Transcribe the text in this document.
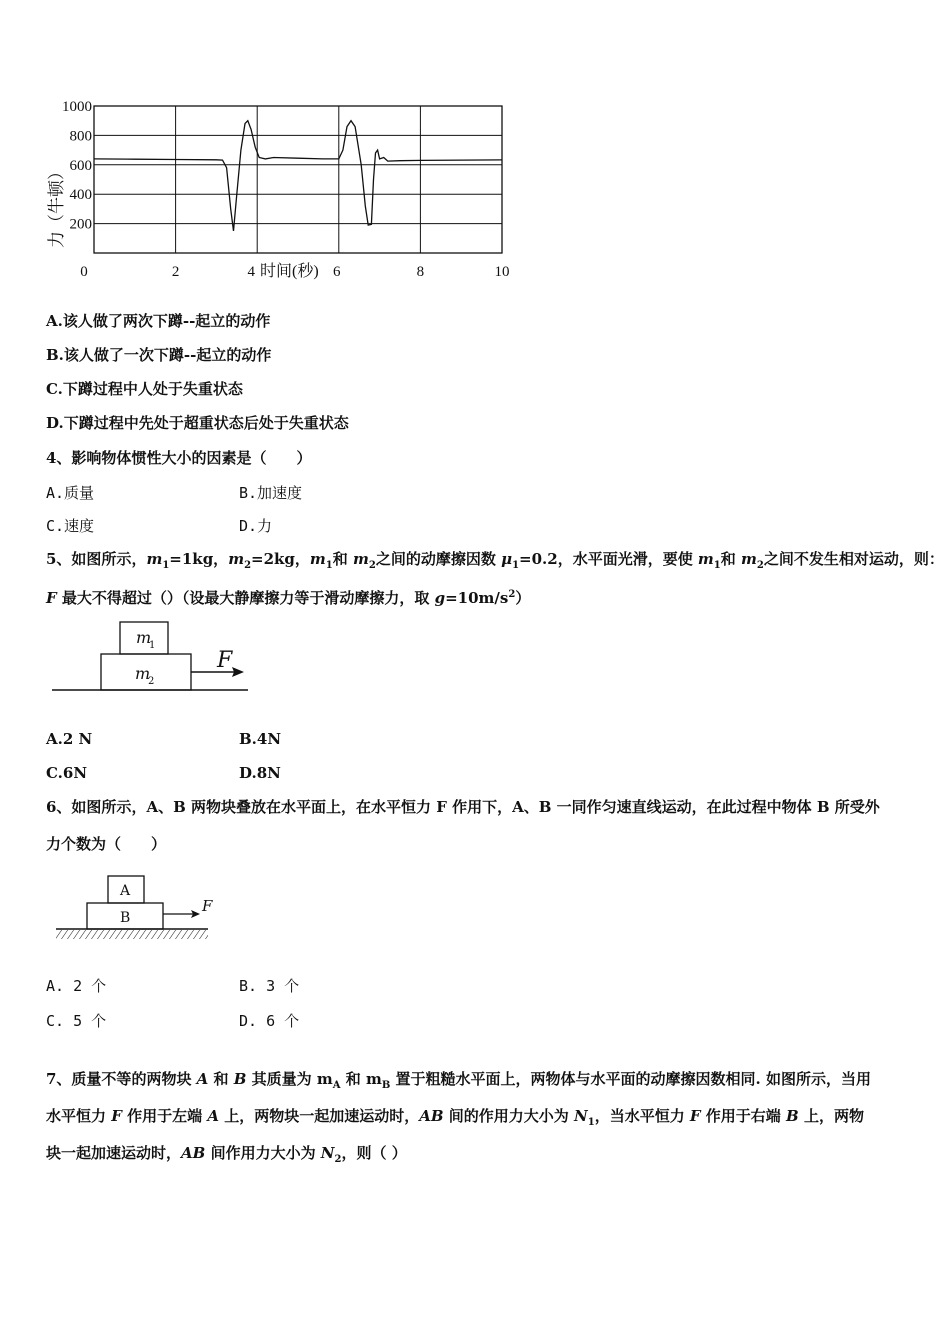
200
400
600
800
1000
0	2	4	6	8	10
力（牛顿）
时间(秒)
A.该人做了两次下蹲--起立的动作
B.该人做了一次下蹲--起立的动作
C.下蹲过程中人处于失重状态
D.下蹲过程中先处于超重状态后处于失重状态
4、影响物体惯性大小的因素是（　　）
A.质量	B.加速度
C.速度	D.力
5、如图所示，$m_1=1kg$，$m_2=2kg$，$m_1$和 $m_2$之间的动摩擦因数 $\mu_1=0.2$，水平面光滑，要使 $m_1$和 $m_2$之间不发生相对运动，则：
F 最大不得超过（）（设最大静摩擦力等于滑动摩擦力，取 $g=10m/s^2$）
m
1
m
2
F
A.2 N	B.4N
C.6N	D.8N
6、如图所示，A、B 两物块叠放在水平面上，在水平恒力 F 作用下，A、B 一同作匀速直线运动，在此过程中物体 B 所受外
力个数为（　　）
A
B
F
A. 2 个	B. 3 个
C. 5 个	D. 6 个
7、质量不等的两物块 A 和 B 其质量为 $m_A$ 和 $m_B$ 置于粗糙水平面上，两物体与水平面的动摩擦因数相同. 如图所示，当用
水平恒力 F 作用于左端 A 上，两物块一起加速运动时，AB 间的作用力大小为 $N_1$，当水平恒力 F 作用于右端 B 上，两物
块一起加速运动时，AB 间作用力大小为 $N_2$，则（ ）
